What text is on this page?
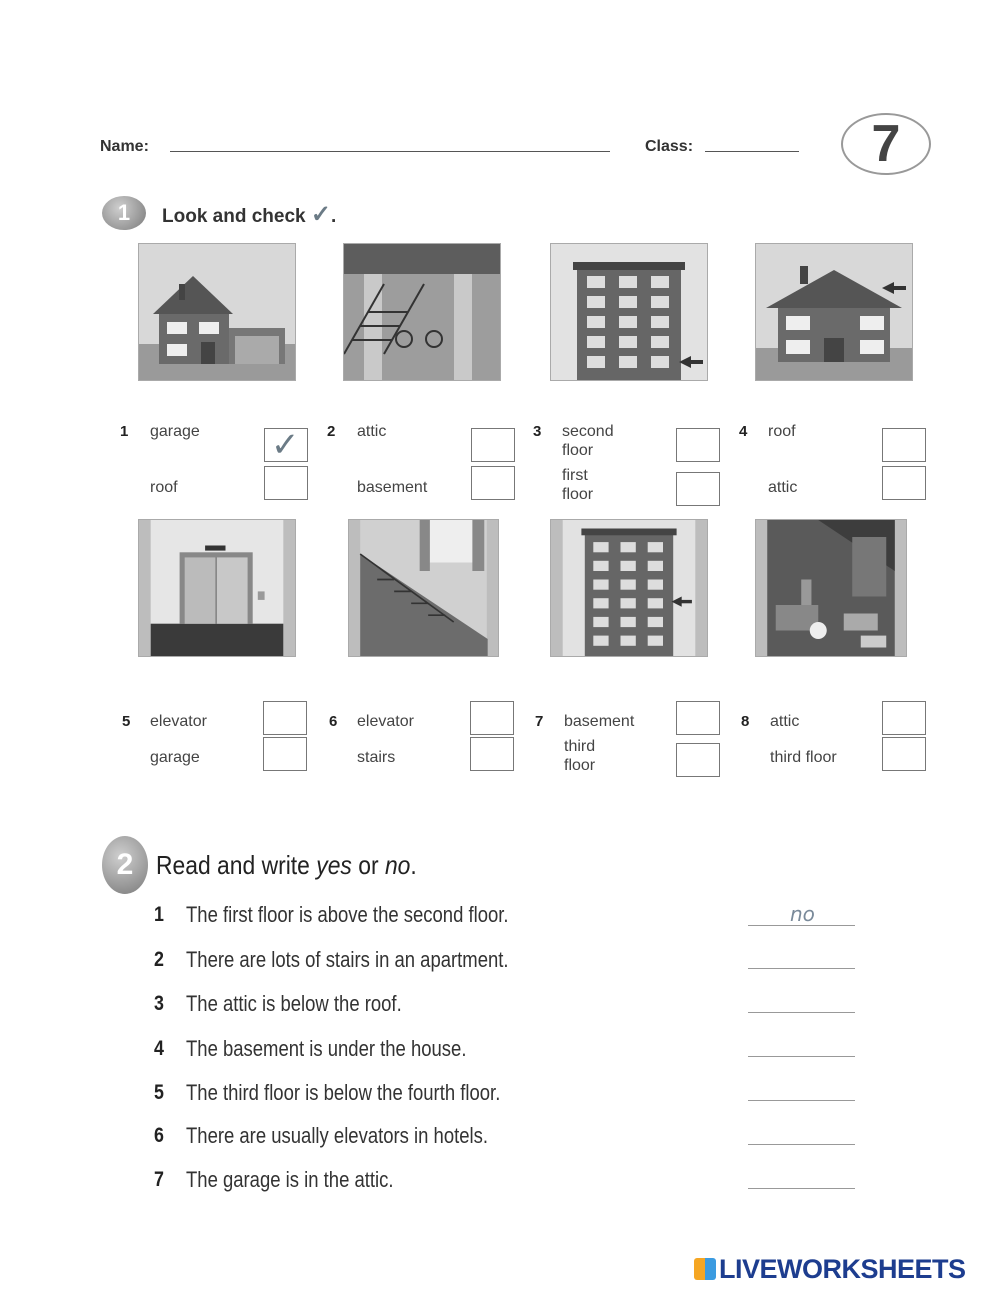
Name:	Class:	7
1	Look and check ✓.
1 garage ✓
roof
2 attic
basement
3 second floor
first floor
4 roof
attic
5 elevator
garage
6 elevator
stairs
7 basement
third floor
8 attic
third floor
2 Read and write yes or no.
1 The first floor is above the second floor.	no
2 There are lots of stairs in an apartment.
3 The attic is below the roof.
4 The basement is under the house.
5 The third floor is below the fourth floor.
6 There are usually elevators in hotels.
7 The garage is in the attic.
LIVEWORKSHEETS
